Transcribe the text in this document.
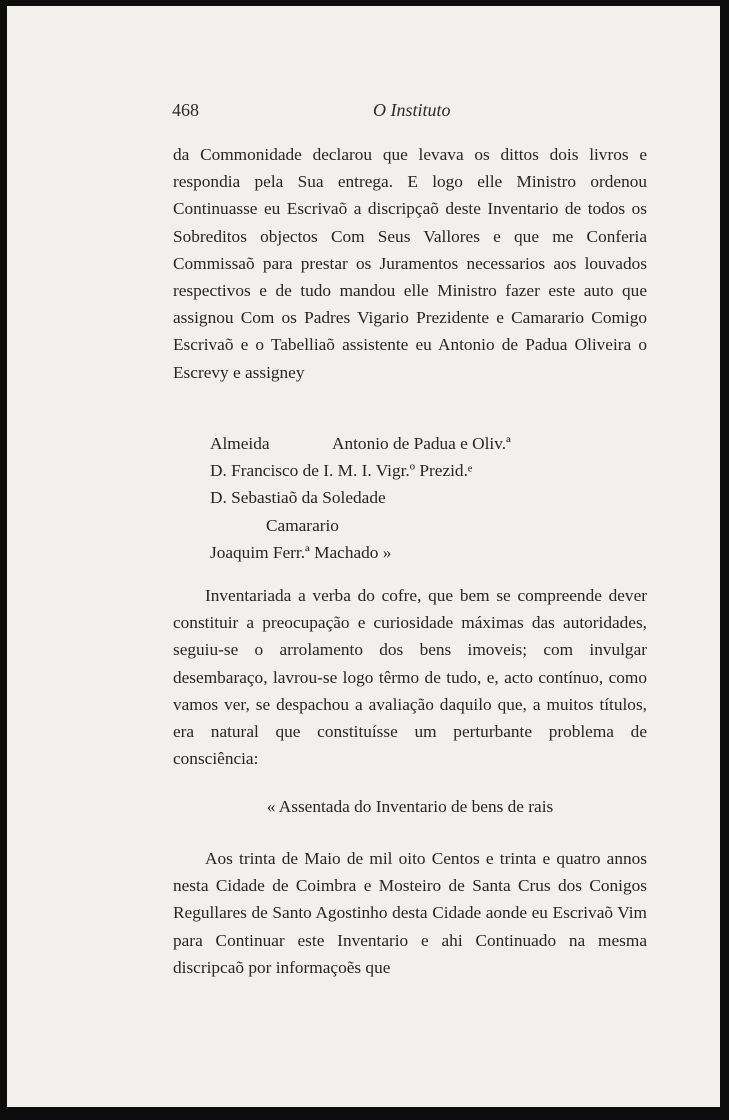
468	O Instituto

da Commonidade declarou que levava os dittos dois livros e respondia pela Sua entrega. E logo elle Ministro ordenou Continuasse eu Escrivaõ a discripçaõ deste Inventario de todos os Sobreditos objectos Com Seus Vallores e que me Conferia Commissaõ para prestar os Juramentos necessarios aos louvados respectivos e de tudo mandou elle Ministro fazer este auto que assignou Com os Padres Vigario Prezidente e Camarario Comigo Escrivaõ e o Tabelliaõ assistente eu Antonio de Padua Oliveira o Escrevy e assigney

Almeida	Antonio de Padua e Oliv.ª
D. Francisco de I. M. I. Vigr.º Prezid.ᵉ
D. Sebastiaõ da Soledade
Camarario
Joaquim Ferr.ª Machado »

Inventariada a verba do cofre, que bem se compreende dever constituir a preocupação e curiosidade máximas das autoridades, seguiu-se o arrolamento dos bens imoveis; com invulgar desembaraço, lavrou-se logo têrmo de tudo, e, acto contínuo, como vamos ver, se despachou a avaliação daquilo que, a muitos títulos, era natural que constituísse um perturbante problema de consciência:

« Assentada do Inventario de bens de rais

Aos trinta de Maio de mil oito Centos e trinta e quatro annos nesta Cidade de Coimbra e Mosteiro de Santa Crus dos Conigos Regullares de Santo Agostinho desta Cidade aonde eu Escrivaõ Vim para Continuar este Inventario e ahi Continuado na mesma discripcaõ por informaçoẽs que
